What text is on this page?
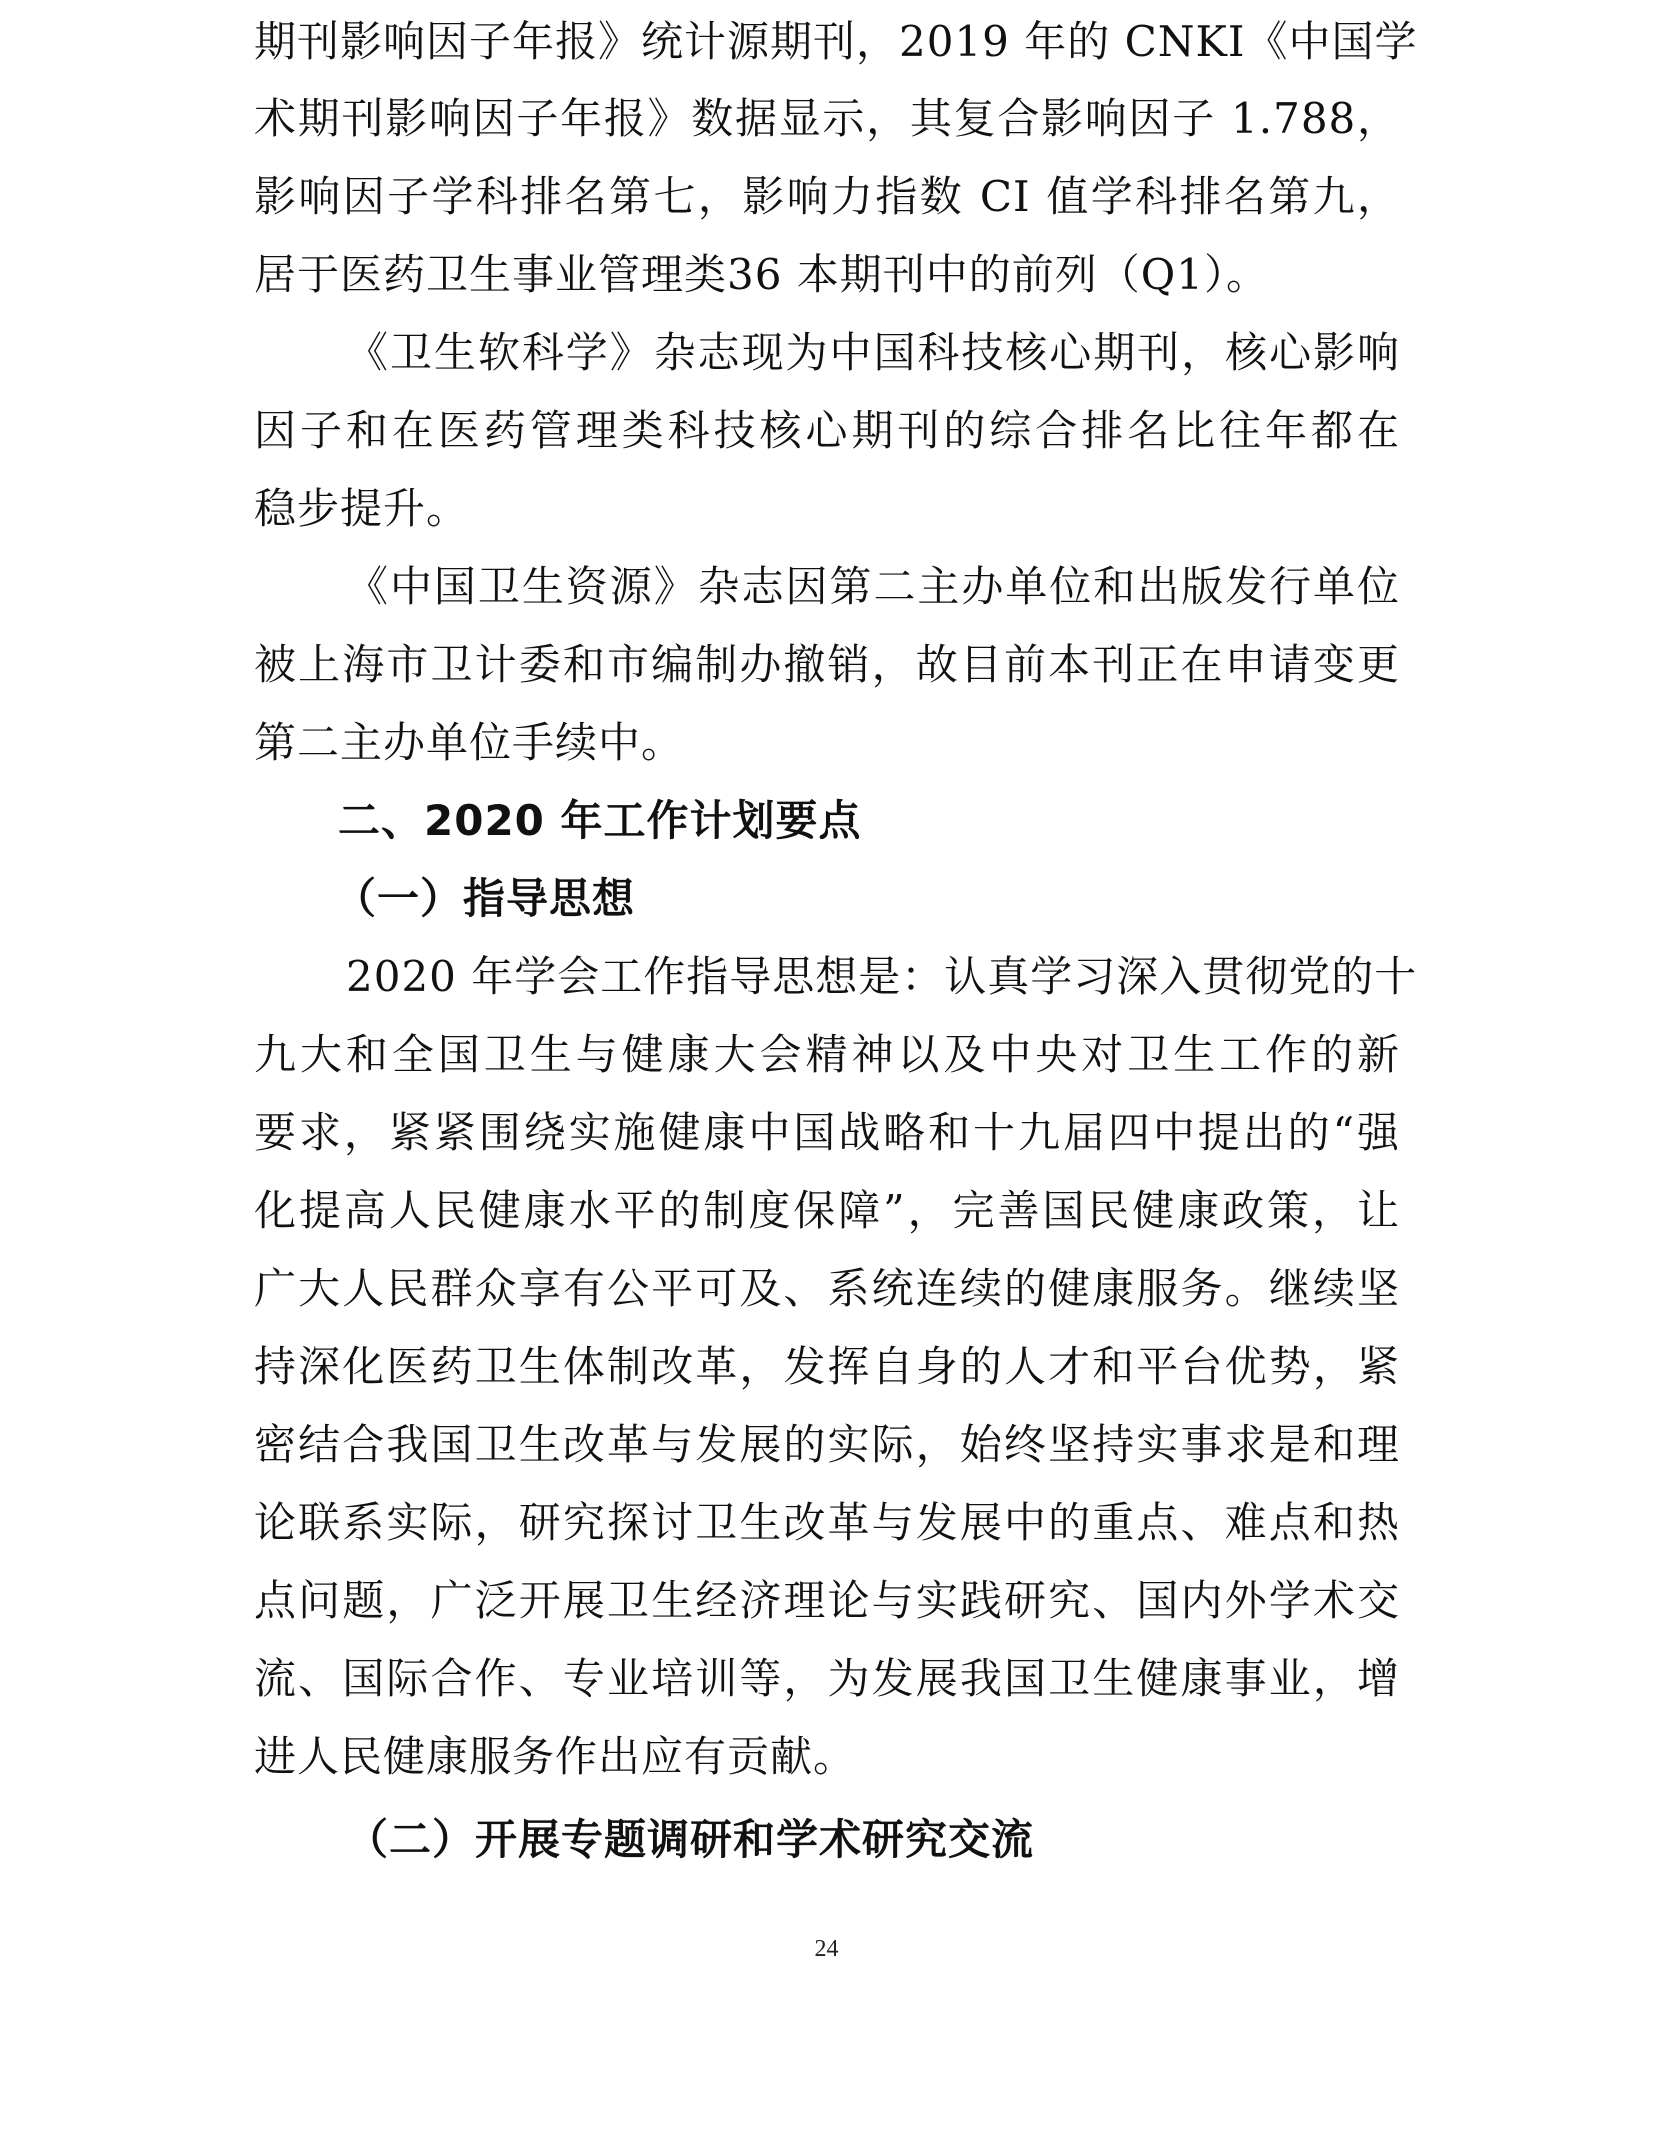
期刊影响因子年报》统计源期刊，2019 年的 CNKI《中国学
术期刊影响因子年报》数据显示，其复合影响因子 1.788，
影响因子学科排名第七，影响力指数 CI 值学科排名第九，
居于医药卫生事业管理类36 本期刊中的前列（Q1）。
《卫生软科学》杂志现为中国科技核心期刊，核心影响
因子和在医药管理类科技核心期刊的综合排名比往年都在
稳步提升。
《中国卫生资源》杂志因第二主办单位和出版发行单位
被上海市卫计委和市编制办撤销，故目前本刊正在申请变更
第二主办单位手续中。
2020 年学会工作指导思想是：认真学习深入贯彻党的十
九大和全国卫生与健康大会精神以及中央对卫生工作的新
要求，紧紧围绕实施健康中国战略和十九届四中提出的“强
化提高人民健康水平的制度保障”，完善国民健康政策，让
广大人民群众享有公平可及、系统连续的健康服务。继续坚
持深化医药卫生体制改革，发挥自身的人才和平台优势，紧
密结合我国卫生改革与发展的实际，始终坚持实事求是和理
论联系实际，研究探讨卫生改革与发展中的重点、难点和热
点问题，广泛开展卫生经济理论与实践研究、国内外学术交
流、国际合作、专业培训等，为发展我国卫生健康事业，增
进人民健康服务作出应有贡献。
二、2020 年工作计划要点
（一）指导思想
（二）开展专题调研和学术研究交流
24
